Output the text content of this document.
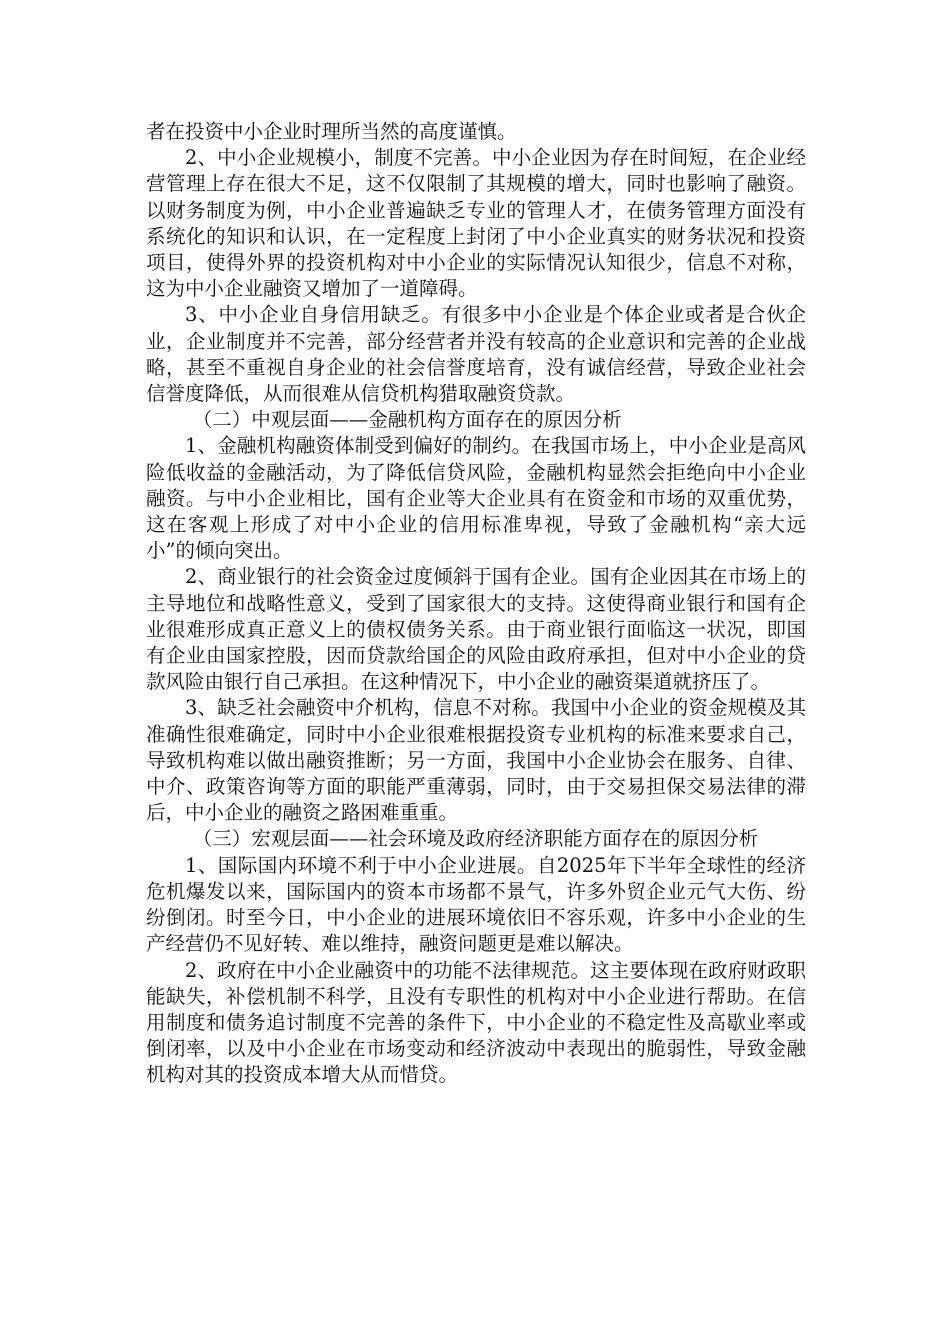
者在投资中小企业时理所当然的高度谨慎。

2、中小企业规模小，制度不完善。中小企业因为存在时间短，在企业经营管理上存在很大不足，这不仅限制了其规模的增大，同时也影响了融资。以财务制度为例，中小企业普遍缺乏专业的管理人才，在债务管理方面没有系统化的知识和认识，在一定程度上封闭了中小企业真实的财务状况和投资项目，使得外界的投资机构对中小企业的实际情况认知很少，信息不对称，这为中小企业融资又增加了一道障碍。

3、中小企业自身信用缺乏。有很多中小企业是个体企业或者是合伙企业，企业制度并不完善，部分经营者并没有较高的企业意识和完善的企业战略，甚至不重视自身企业的社会信誉度培育，没有诚信经营，导致企业社会信誉度降低，从而很难从信贷机构猎取融资贷款。

（二）中观层面——金融机构方面存在的原因分析

1、金融机构融资体制受到偏好的制约。在我国市场上，中小企业是高风险低收益的金融活动，为了降低信贷风险，金融机构显然会拒绝向中小企业融资。与中小企业相比，国有企业等大企业具有在资金和市场的双重优势，这在客观上形成了对中小企业的信用标准卑视，导致了金融机构“亲大远小”的倾向突出。

2、商业银行的社会资金过度倾斜于国有企业。国有企业因其在市场上的主导地位和战略性意义，受到了国家很大的支持。这使得商业银行和国有企业很难形成真正意义上的债权债务关系。由于商业银行面临这一状况，即国有企业由国家控股，因而贷款给国企的风险由政府承担，但对中小企业的贷款风险由银行自己承担。在这种情况下，中小企业的融资渠道就挤压了。

3、缺乏社会融资中介机构，信息不对称。我国中小企业的资金规模及其准确性很难确定，同时中小企业很难根据投资专业机构的标准来要求自己，导致机构难以做出融资推断；另一方面，我国中小企业协会在服务、自律、中介、政策咨询等方面的职能严重薄弱，同时，由于交易担保交易法律的滞后，中小企业的融资之路困难重重。

（三）宏观层面——社会环境及政府经济职能方面存在的原因分析

1、国际国内环境不利于中小企业进展。自2025年下半年全球性的经济危机爆发以来，国际国内的资本市场都不景气，许多外贸企业元气大伤、纷纷倒闭。时至今日，中小企业的进展环境依旧不容乐观，许多中小企业的生产经营仍不见好转、难以维持，融资问题更是难以解决。

2、政府在中小企业融资中的功能不法律规范。这主要体现在政府财政职能缺失，补偿机制不科学，且没有专职性的机构对中小企业进行帮助。在信用制度和债务追讨制度不完善的条件下，中小企业的不稳定性及高歇业率或倒闭率，以及中小企业在市场变动和经济波动中表现出的脆弱性，导致金融机构对其的投资成本增大从而惜贷。
